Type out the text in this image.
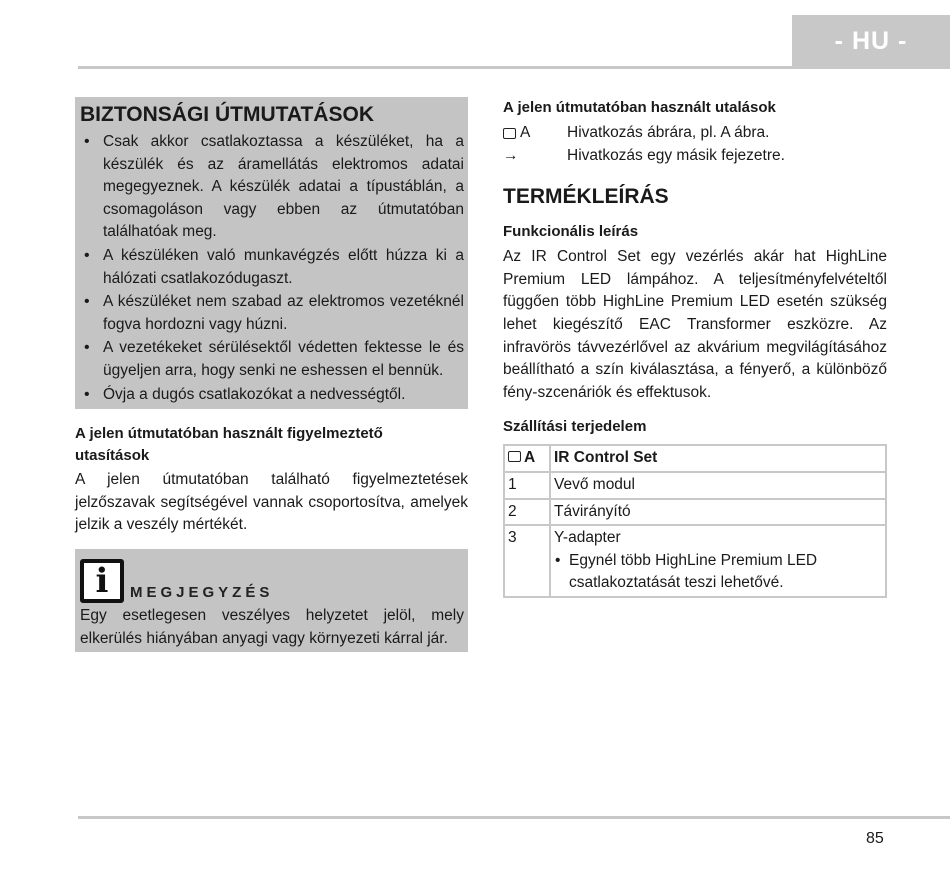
- HU -
BIZTONSÁGI ÚTMUTATÁSOK
• Csak akkor csatlakoztassa a készüléket, ha a készülék és az áramellátás elektromos adatai megegyeznek. A készülék adatai a típustáblán, a csomagoláson vagy ebben az útmutatóban találhatóak meg.
• A készüléken való munkavégzés előtt húzza ki a hálózati csatlakozódugaszt.
• A készüléket nem szabad az elektromos vezetéknél fogva hordozni vagy húzni.
• A vezetékeket sérülésektől védetten fektesse le és ügyeljen arra, hogy senki ne eshessen el bennük.
• Óvja a dugós csatlakozókat a nedvességtől.

A jelen útmutatóban használt figyelmeztető utasítások

A jelen útmutatóban található figyelmeztetések jelzőszavak segítségével vannak csoportosítva, amelyek jelzik a veszély mértékét.

i MEGJEGYZÉS

Egy esetlegesen veszélyes helyzetet jelöl, mely elkerülés hiányában anyagi vagy környezeti kárral jár.

A jelen útmutatóban használt utalások

A Hivatkozás ábrára, pl. A ábra.
→	Hivatkozás egy másik fejezetre.
TERMÉKLEÍRÁS

Funkcionális leírás

Az IR Control Set egy vezérlés akár hat HighLine Premium LED lámpához. A teljesítményfelvételtől függően több HighLine Premium LED esetén szükség lehet kiegészítő EAC Transformer eszközre. Az infravörös távvezérlővel az akvárium megvilágításához beállítható a szín kiválasztása, a fényerő, a különböző fény-szcenáriók és effektusok.

Szállítási terjedelem

A	IR Control Set
1	Vevő modul
2	Távirányító
3	Y-adapter
• Egynél több HighLine Premium LED csatlakoztatását teszi lehetővé.
85
